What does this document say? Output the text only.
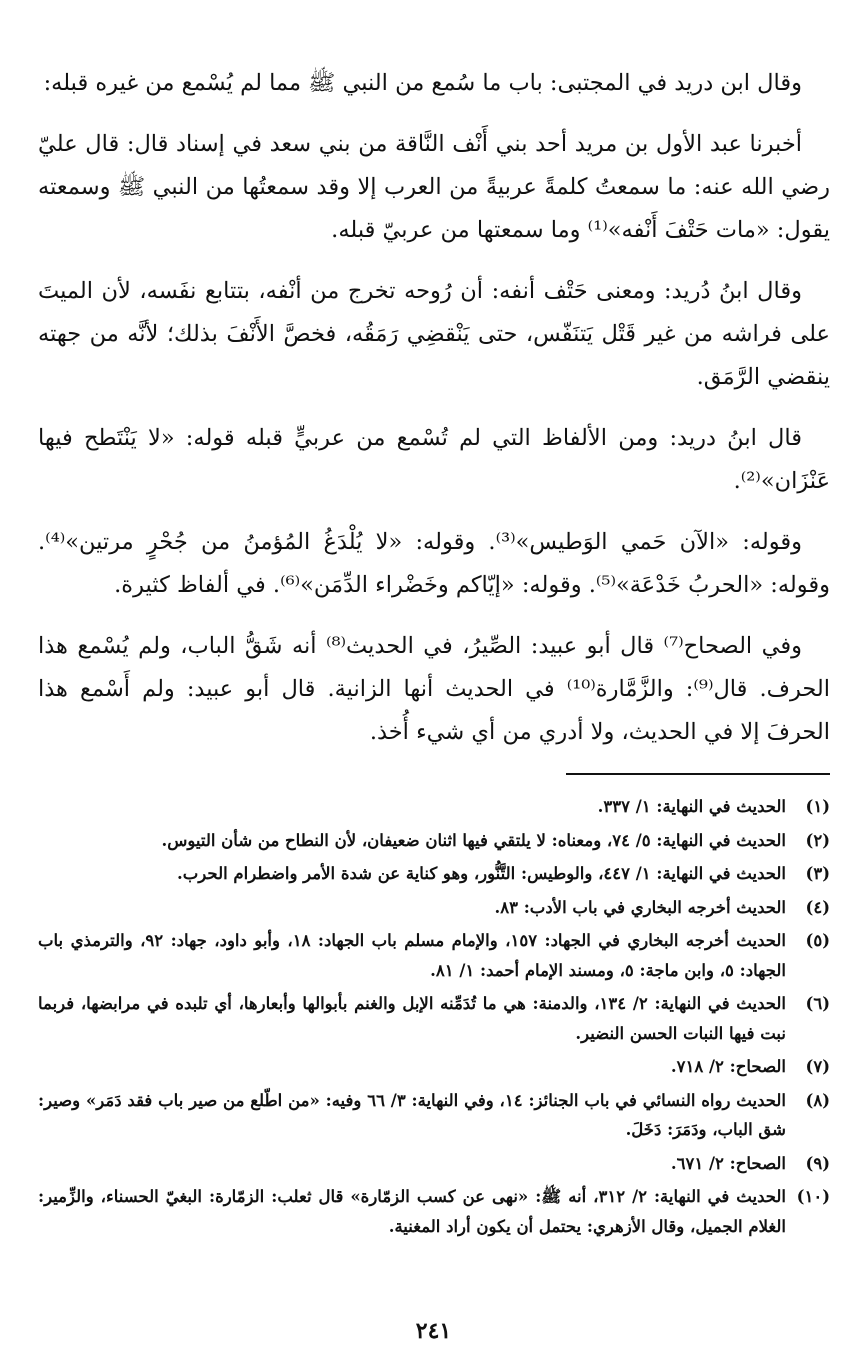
وقال ابن دريد في المجتبى: باب ما سُمع من النبي ﷺ مما لم يُسْمع من غيره قبله:

أخبرنا عبد الأول بن مريد أحد بني أَنْف النَّاقة من بني سعد في إسناد قال: قال عليّ رضي الله عنه: ما سمعتُ كلمةً عربيةً من العرب إلا وقد سمعتُها من النبي ﷺ وسمعته يقول: «مات حَتْفَ أَنْفه»⁽¹⁾ وما سمعتها من عربيّ قبله.

وقال ابنُ دُريد: ومعنى حَتْف أنفه: أن رُوحه تخرج من أنْفه، بتتابع نفَسه، لأن الميتَ على فراشه من غير قَتْل يَتنَفّس، حتى يَنْقضِي رَمَقُه، فخصَّ الأَنْفَ بذلك؛ لأنَّه من جهته ينقضي الرَّمَق.

قال ابنُ دريد: ومن الألفاظ التي لم تُسْمع من عربيٍّ قبله قوله: «لا يَنْتَطح فيها عَنْزَان»⁽²⁾.

وقوله: «الآن حَمي الوَطيس»⁽³⁾. وقوله: «لا يُلْدَغُ المُؤمنُ من جُحْرٍ مرتين»⁽⁴⁾. وقوله: «الحربُ خَدْعَة»⁽⁵⁾. وقوله: «إيّاكم وخَضْراء الدِّمَن»⁽⁶⁾. في ألفاظ كثيرة.

وفي الصحاح⁽⁷⁾ قال أبو عبيد: الصِّيرُ، في الحديث⁽⁸⁾ أنه شَقُّ الباب، ولم يُسْمع هذا الحرف. قال⁽⁹⁾: والزَّمَّارة⁽¹⁰⁾ في الحديث أنها الزانية. قال أبو عبيد: ولم أَسْمع هذا الحرفَ إلا في الحديث، ولا أدري من أي شيء أُخذ.

(١)
الحديث في النهاية: ١/ ٣٣٧.
(٢)
الحديث في النهاية: ٥/ ٧٤، ومعناه: لا يلتقي فيها اثنان ضعيفان، لأن النطاح من شأن التيوس.
(٣)
الحديث في النهاية: ١/ ٤٤٧، والوطيس: التَّنُّور، وهو كناية عن شدة الأمر واضطرام الحرب.
(٤)
الحديث أخرجه البخاري في باب الأدب: ٨٣.
(٥)
الحديث أخرجه البخاري في الجهاد: ١٥٧، والإمام مسلم باب الجهاد: ١٨، وأبو داود، جهاد: ٩٢، والترمذي باب الجهاد: ٥، وابن ماجة: ٥، ومسند الإمام أحمد: ١/ ٨١.
(٦)
الحديث في النهاية: ٢/ ١٣٤، والدمنة: هي ما تُدَمِّنه الإبل والغنم بأبوالها وأبعارها، أي تلبده في مرابضها، فربما نبت فيها النبات الحسن النضير.
(٧)
الصحاح: ٢/ ٧١٨.
(٨)
الحديث رواه النسائي في باب الجنائز: ١٤، وفي النهاية: ٣/ ٦٦ وفيه: «من اطّلع من صير باب فقد دَمَر» وصير: شق الباب، ودَمَرَ: دَخَلَ.
(٩)
الصحاح: ٢/ ٦٧١.
(١٠)
الحديث في النهاية: ٢/ ٣١٢، أنه ﷺ: «نهى عن كسب الزمّارة» قال ثعلب: الزمّارة: البغيّ الحسناء، والزِّمير: الغلام الجميل، وقال الأزهري: يحتمل أن يكون أراد المغنية.
٢٤١
